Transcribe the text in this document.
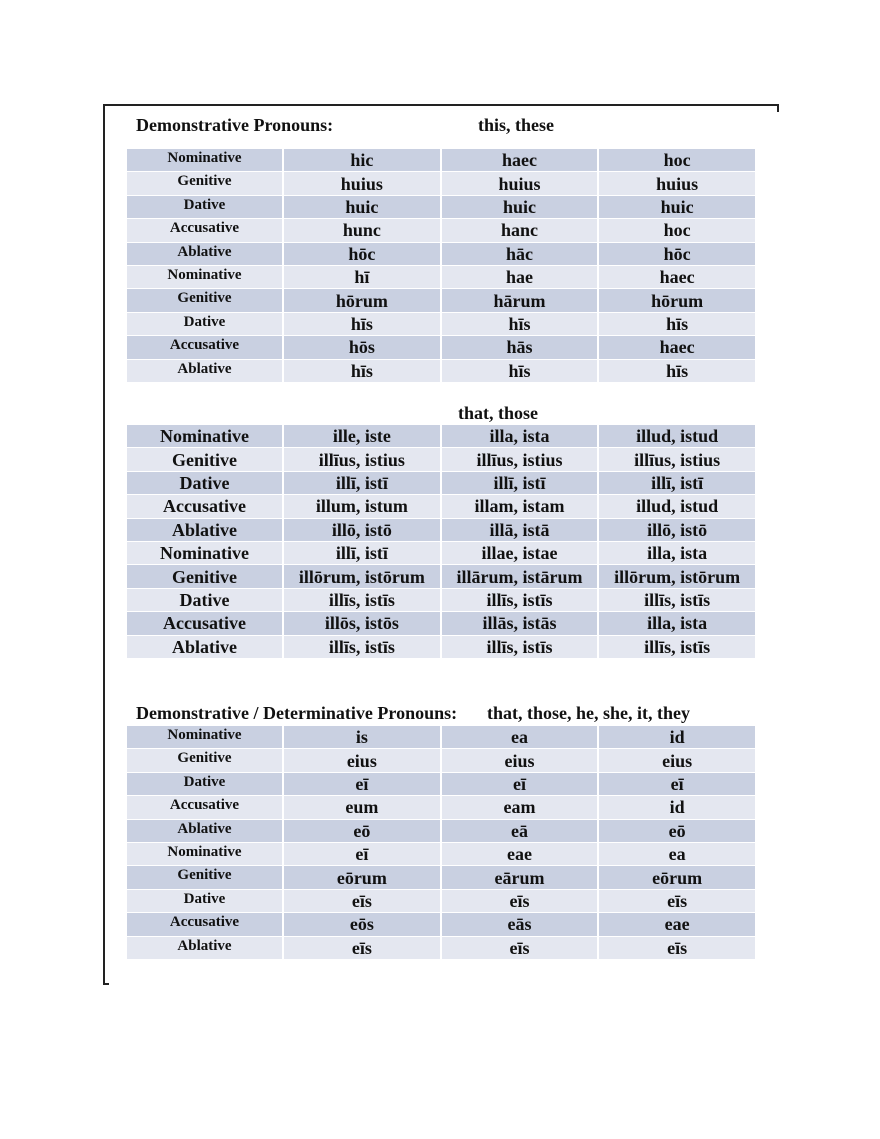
Demonstrative Pronouns:	this, these
Nominative	hic	haec	hoc
Genitive	huius	huius	huius
Dative	huic	huic	huic
Accusative	hunc	hanc	hoc
Ablative	hōc	hāc	hōc
Nominative	hī	hae	haec
Genitive	hōrum	hārum	hōrum
Dative	hīs	hīs	hīs
Accusative	hōs	hās	haec
Ablative	hīs	hīs	hīs
that, those
Nominative	ille, iste	illa, ista	illud, istud
Genitive	illīus, istius	illīus, istius	illīus, istius
Dative	illī, istī	illī, istī	illī, istī
Accusative	illum, istum	illam, istam	illud, istud
Ablative	illō, istō	illā, istā	illō, istō
Nominative	illī, istī	illae, istae	illa, ista
Genitive	illōrum, istōrum	illārum, istārum	illōrum, istōrum
Dative	illīs, istīs	illīs, istīs	illīs, istīs
Accusative	illōs, istōs	illās, istās	illa, ista
Ablative	illīs, istīs	illīs, istīs	illīs, istīs
Demonstrative / Determinative Pronouns: that, those, he, she, it, they
Nominative	is	ea	id
Genitive	eius	eius	eius
Dative	eī	eī	eī
Accusative	eum	eam	id
Ablative	eō	eā	eō
Nominative	eī	eae	ea
Genitive	eōrum	eārum	eōrum
Dative	eīs	eīs	eīs
Accusative	eōs	eās	eae
Ablative	eīs	eīs	eīs
